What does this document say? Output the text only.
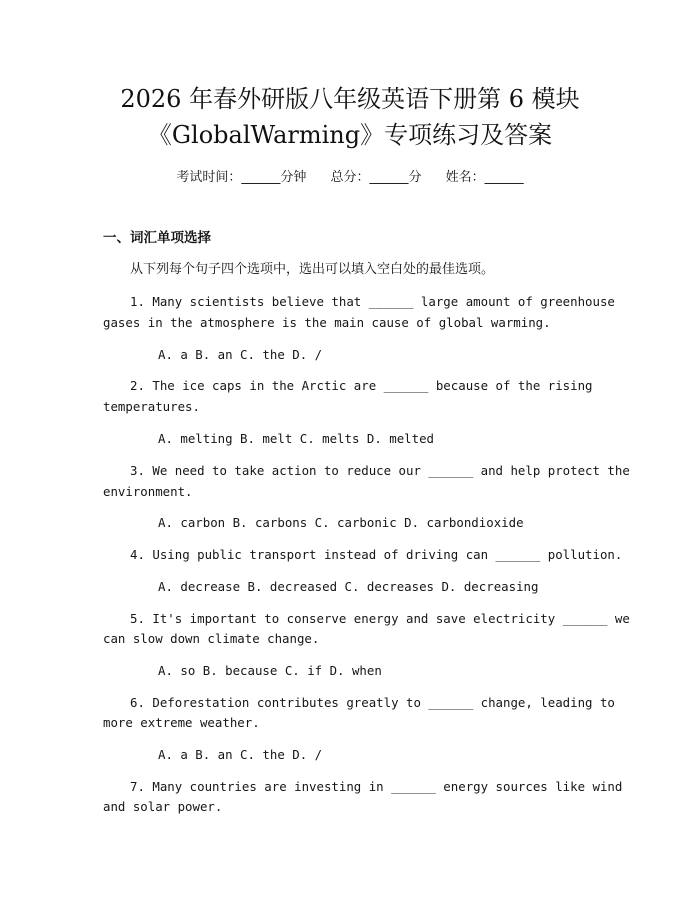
2026 年春外研版八年级英语下册第 6 模块
《GlobalWarming》专项练习及答案
考试时间：______分钟 总分：______分 姓名：______
一、词汇单项选择
从下列每个句子四个选项中，选出可以填入空白处的最佳选项。
1. Many scientists believe that ______ large amount of greenhouse
gases in the atmosphere is the main cause of global warming.
A. a B. an C. the D. /
2. The ice caps in the Arctic are ______ because of the rising
temperatures.
A. melting B. melt C. melts D. melted
3. We need to take action to reduce our ______ and help protect the
environment.
A. carbon B. carbons C. carbonic D. carbondioxide
4. Using public transport instead of driving can ______ pollution.
A. decrease B. decreased C. decreases D. decreasing
5. It's important to conserve energy and save electricity ______ we
can slow down climate change.
A. so B. because C. if D. when
6. Deforestation contributes greatly to ______ change, leading to
more extreme weather.
A. a B. an C. the D. /
7. Many countries are investing in ______ energy sources like wind
and solar power.
